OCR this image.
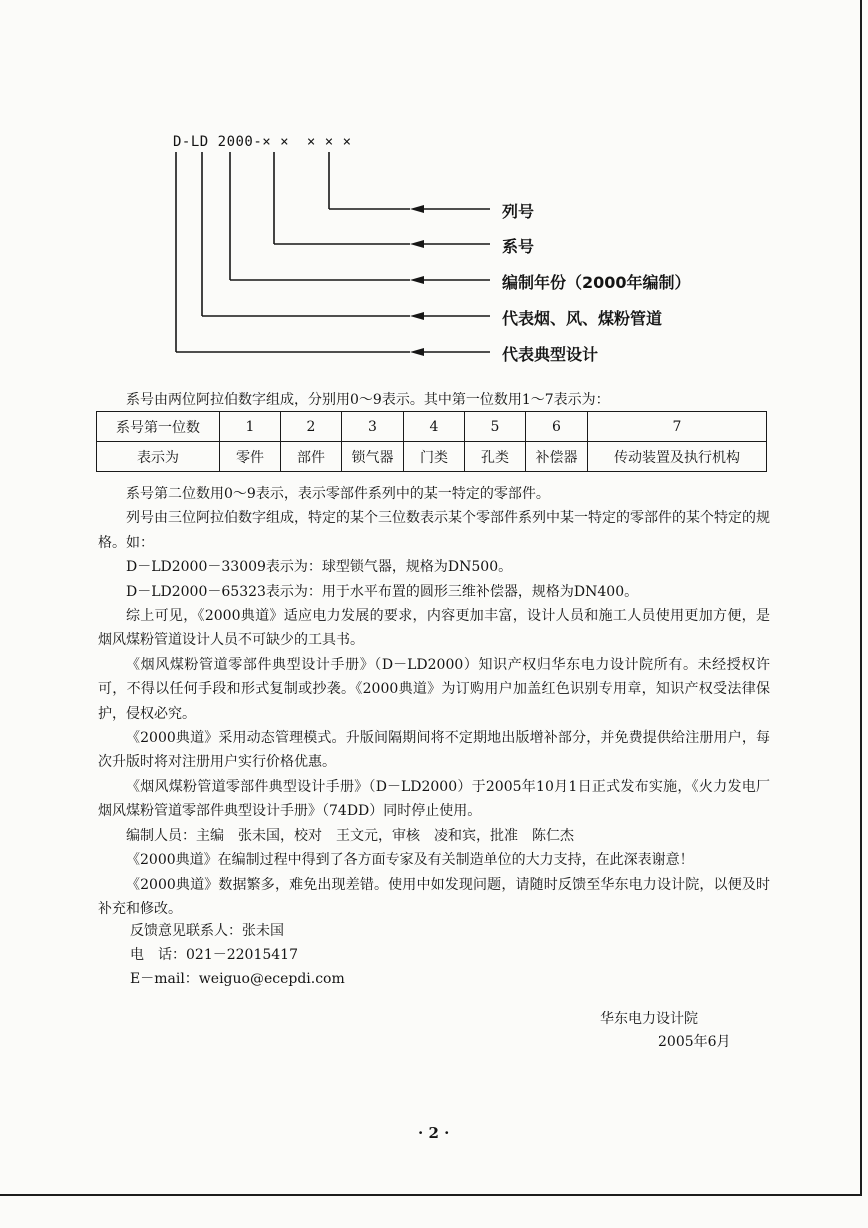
D-LD 2000-× ×  × × ×
列号
系号
编制年份（2000年编制）
代表烟、风、煤粉管道
代表典型设计

系号由两位阿拉伯数字组成，分别用0～9表示。其中第一位数用1～7表示为：

系号第一位数	1	2	3	4	5	6	7
表示为	零件	部件	锁气器	门类	孔类	补偿器	传动装置及执行机构

系号第二位数用0～9表示，表示零部件系列中的某一特定的零部件。

列号由三位阿拉伯数字组成，特定的某个三位数表示某个零部件系列中某一特定的零部件的某个特定的规格。如：

D－LD2000－33009表示为：球型锁气器，规格为DN500。

D－LD2000－65323表示为：用于水平布置的圆形三维补偿器，规格为DN400。

综上可见，《2000典道》适应电力发展的要求，内容更加丰富，设计人员和施工人员使用更加方便，是烟风煤粉管道设计人员不可缺少的工具书。

《烟风煤粉管道零部件典型设计手册》（D－LD2000）知识产权归华东电力设计院所有。未经授权许可，不得以任何手段和形式复制或抄袭。《2000典道》为订购用户加盖红色识别专用章，知识产权受法律保护，侵权必究。

《2000典道》采用动态管理模式。升版间隔期间将不定期地出版增补部分，并免费提供给注册用户，每次升版时将对注册用户实行价格优惠。

《烟风煤粉管道零部件典型设计手册》（D－LD2000）于2005年10月1日正式发布实施，《火力发电厂烟风煤粉管道零部件典型设计手册》（74DD）同时停止使用。

编制人员：主编　张未国，校对　王文元，审核　凌和宾，批准　陈仁杰

《2000典道》在编制过程中得到了各方面专家及有关制造单位的大力支持，在此深表谢意！

《2000典道》数据繁多，难免出现差错。使用中如发现问题，请随时反馈至华东电力设计院，以便及时补充和修改。

反馈意见联系人：张未国
电　话：021－22015417
E－mail：weiguo@ecepdi.com
华东电力设计院
2005年6月
· 2 ·
